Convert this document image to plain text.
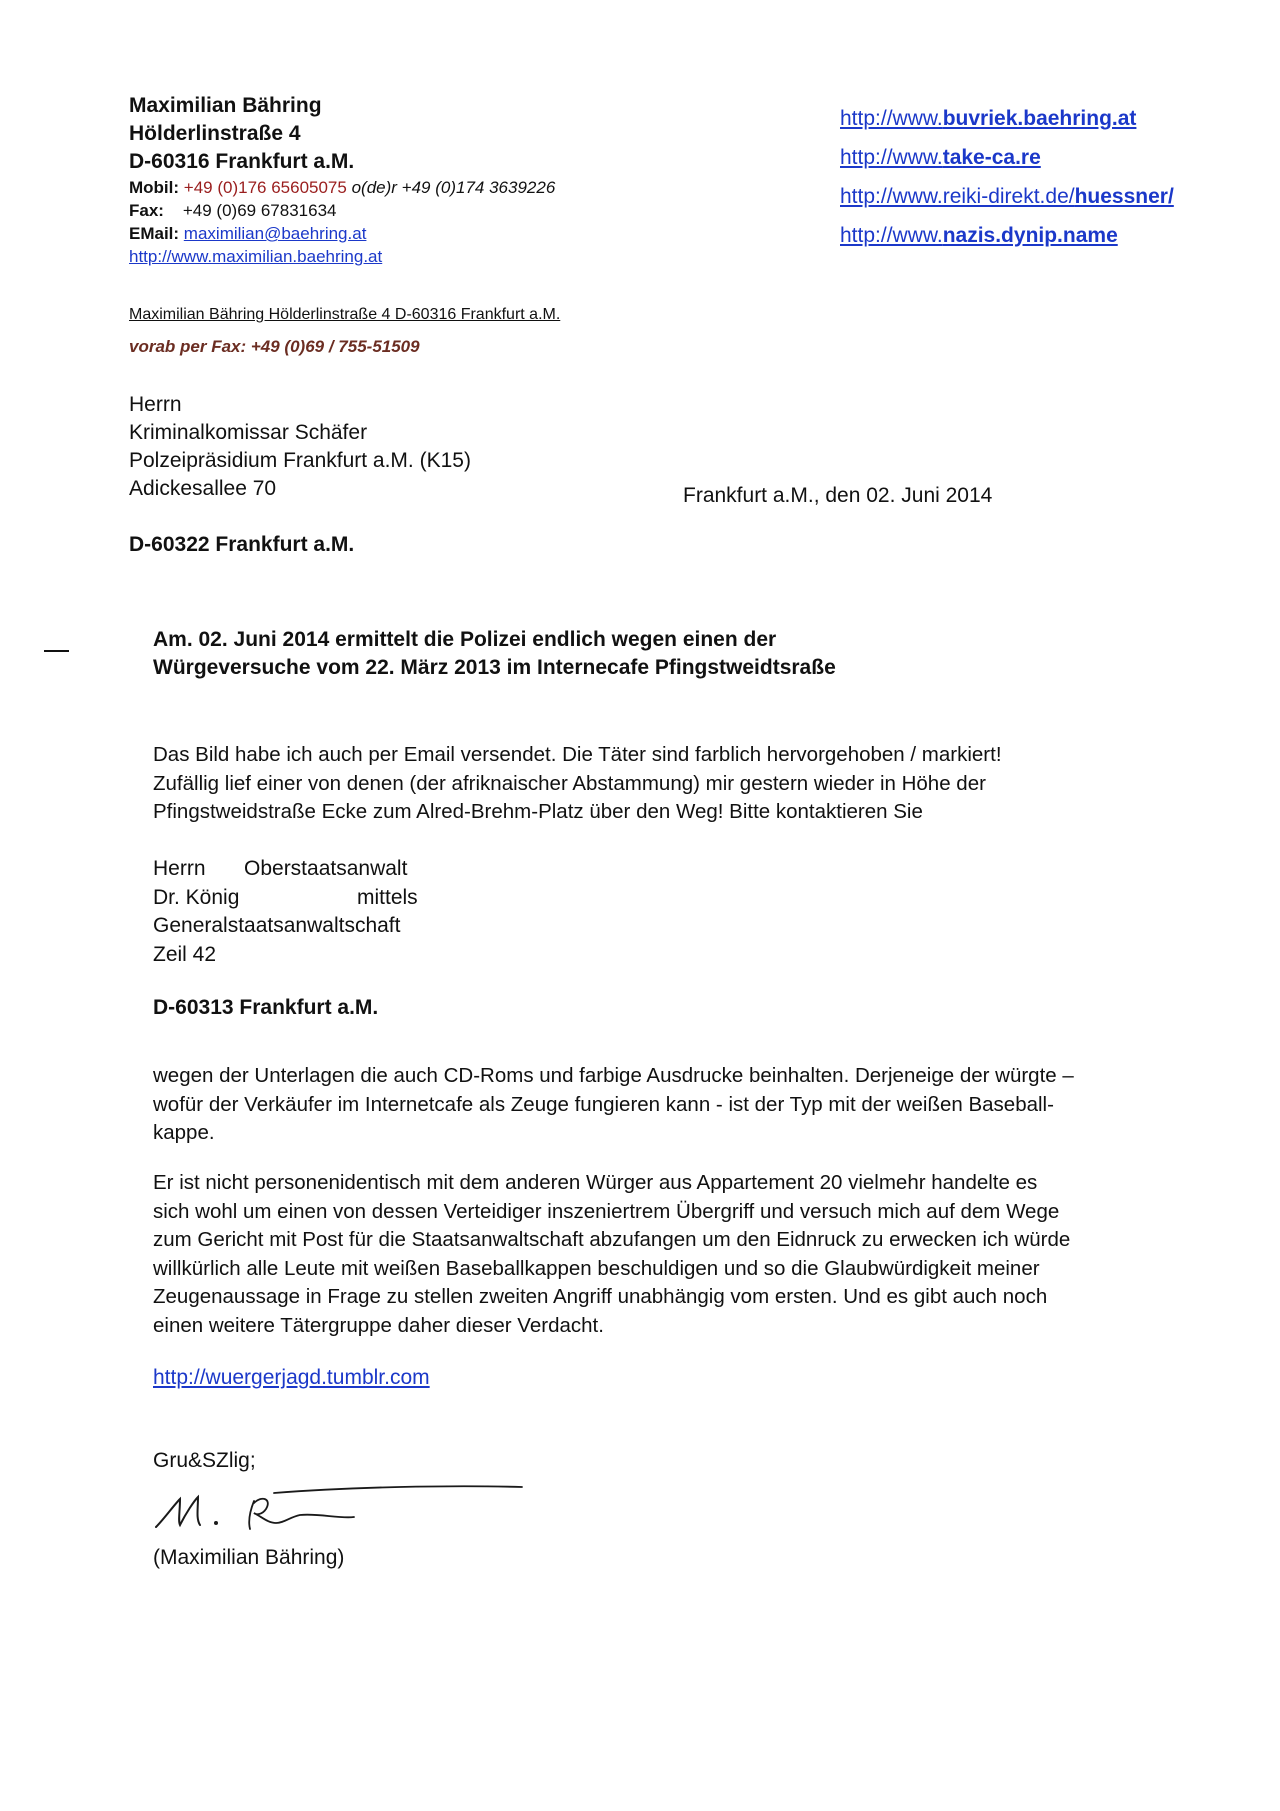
Maximilian Bähring
Hölderlinstraße 4
D-60316 Frankfurt a.M.
Mobil: +49 (0)176 65605075 o(de)r +49 (0)174 3639226
Fax: +49 (0)69 67831634
EMail: maximilian@baehring.at
http://www.maximilian.baehring.at
http://www.buvriek.baehring.at
http://www.take-ca.re
http://www.reiki-direkt.de/huessner/
http://www.nazis.dynip.name
Maximilian Bähring Hölderlinstraße 4 D-60316 Frankfurt a.M.
vorab per Fax: +49 (0)69 / 755-51509
Herrn
Kriminalkomissar Schäfer
Polzeipräsidium Frankfurt a.M. (K15)
Adickesallee 70	Frankfurt a.M., den 02. Juni 2014
D-60322 Frankfurt a.M.
Am. 02. Juni 2014 ermittelt die Polizei endlich wegen einen der
Würgeversuche vom 22. März 2013 im Internecafe Pfingstweidtsraße
Das Bild habe ich auch per Email versendet. Die Täter sind farblich hervorgehoben / markiert!
Zufällig lief einer von denen (der afriknaischer Abstammung) mir gestern wieder in Höhe der
Pfingstweidstraße Ecke zum Alred-Brehm-Platz über den Weg! Bitte kontaktieren Sie
Herrn Oberstaatsanwalt
Dr. König	mittels
Generalstaatsanwaltschaft
Zeil 42
D-60313 Frankfurt a.M.
wegen der Unterlagen die auch CD-Roms und farbige Ausdrucke beinhalten. Derjeneige der würgte –
wofür der Verkäufer im Internetcafe als Zeuge fungieren kann - ist der Typ mit der weißen Baseball-
kappe.
Er ist nicht personenidentisch mit dem anderen Würger aus Appartement 20 vielmehr handelte es
sich wohl um einen von dessen Verteidiger inszeniertrem Übergriff und versuch mich auf dem Wege
zum Gericht mit Post für die Staatsanwaltschaft abzufangen um den Eidnruck zu erwecken ich würde
willkürlich alle Leute mit weißen Baseballkappen beschuldigen und so die Glaubwürdigkeit meiner
Zeugenaussage in Frage zu stellen zweiten Angriff unabhängig vom ersten. Und es gibt auch noch
einen weitere Tätergruppe daher dieser Verdacht.
http://wuergerjagd.tumblr.com
Gru&SZlig;
(Maximilian Bähring)
